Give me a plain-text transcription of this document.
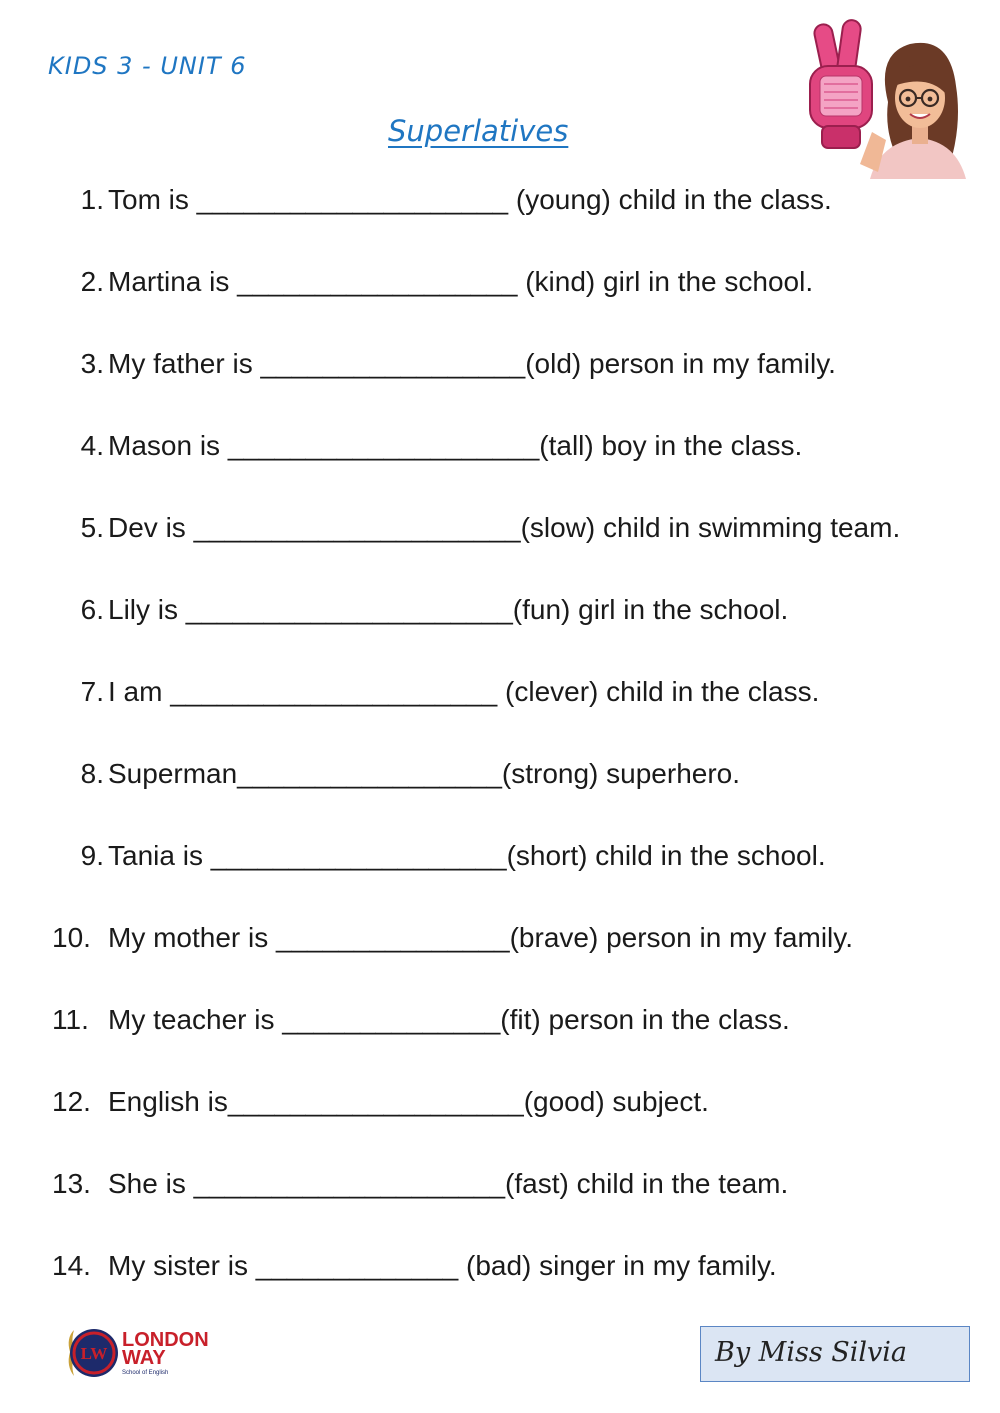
KIDS 3 - UNIT 6
Superlatives
1. Tom is ____________________ (young) child in the class.
2. Martina is __________________ (kind) girl in the school.
3. My father is _________________(old) person in my family.
4. Mason is ____________________(tall) boy in the class.
5. Dev is _____________________(slow) child in swimming team.
6. Lily is _____________________(fun) girl in the school.
7. I am _____________________ (clever) child in the class.
8. Superman_________________(strong) superhero.
9. Tania is ___________________(short) child in the school.
10. My mother is _______________(brave) person in my family.
11. My teacher is ______________(fit) person in the class.
12. English is___________________(good) subject.
13. She is ____________________(fast) child in the team.
14. My sister is _____________ (bad) singer in my family.
LW
LONDON
WAY
School of English
By Miss Silvia
